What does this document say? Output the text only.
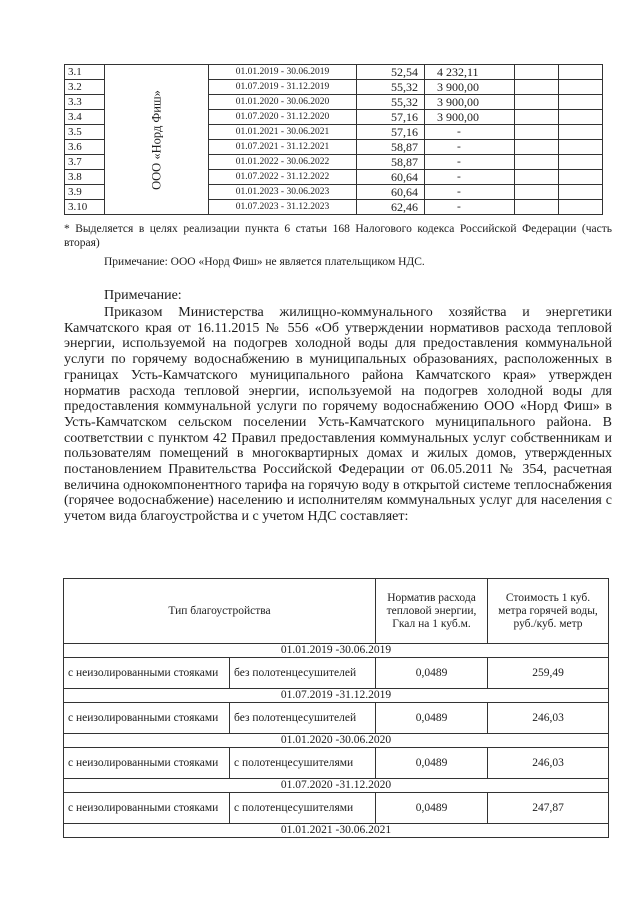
3.1	ООО «Норд Фиш»	01.01.2019 - 30.06.2019	52,54	4 232,11		
3.2		01.07.2019 - 31.12.2019	55,32	3 900,00		
3.3		01.01.2020 - 30.06.2020	55,32	3 900,00		
3.4		01.07.2020 - 31.12.2020	57,16	3 900,00		
3.5		01.01.2021 - 30.06.2021	57,16	-		
3.6		01.07.2021 - 31.12.2021	58,87	-		
3.7		01.01.2022 - 30.06.2022	58,87	-		
3.8		01.07.2022 - 31.12.2022	60,64	-		
3.9		01.01.2023 - 30.06.2023	60,64	-		
3.10		01.07.2023 - 31.12.2023	62,46	-		
* Выделяется в целях реализации пункта 6 статьи 168 Налогового кодекса Российской Федерации (часть вторая)
Примечание: ООО «Норд Фиш» не является плательщиком НДС.
Примечание:

Приказом Министерства жилищно-коммунального хозяйства и энергетики Камчатского края от 16.11.2015 № 556 «Об утверждении нормативов расхода тепловой энергии, используемой на подогрев холодной воды для предоставления коммунальной услуги по горячему водоснабжению в муниципальных образованиях, расположенных в границах Усть-Камчатского муниципального района Камчатского края» утвержден норматив расхода тепловой энергии, используемой на подогрев холодной воды для предоставления коммунальной услуги по горячему водоснабжению ООО «Норд Фиш» в Усть-Камчатском сельском поселении Усть-Камчатского муниципального района. В соответствии с пунктом 42 Правил предоставления коммунальных услуг собственникам и пользователям помещений в многоквартирных домах и жилых домов, утвержденных постановлением Правительства Российской Федерации от 06.05.2011 № 354, расчетная величина однокомпонентного тарифа на горячую воду в открытой системе теплоснабжения (горячее водоснабжение) населению и исполнителям коммунальных услуг для населения с учетом вида благоустройства и с учетом НДС составляет:

Тип благоустройства		Норматив расхода тепловой энергии, Гкал на 1 куб.м.	Стоимость 1 куб. метра горячей воды, руб./куб. метр
01.01.2019 -30.06.2019			
с неизолированными стояками	без полотенцесушителей	0,0489	259,49
01.07.2019 -31.12.2019			
с неизолированными стояками	без полотенцесушителей	0,0489	246,03
01.01.2020 -30.06.2020			
с неизолированными стояками	с полотенцесушителями	0,0489	246,03
01.07.2020 -31.12.2020			
с неизолированными стояками	с полотенцесушителями	0,0489	247,87
01.01.2021 -30.06.2021			
